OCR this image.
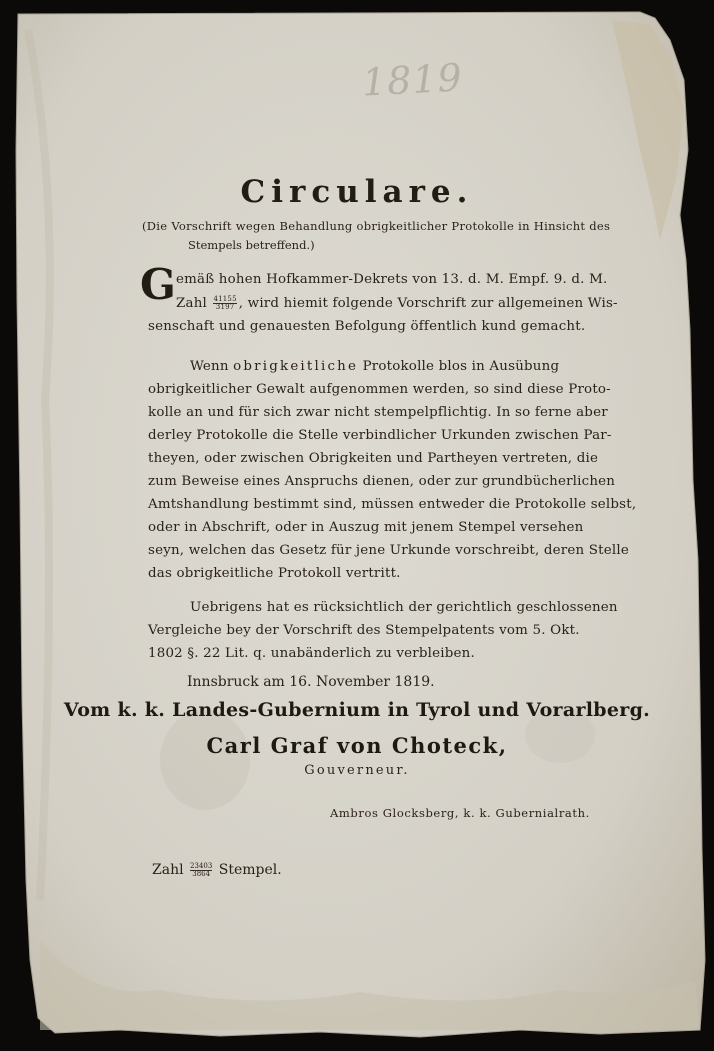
1819
Circulare.
(Die Vorschrift wegen Behandlung obrigkeitlicher Protokolle in Hinsicht des
Stempels betreffend.)
G emäß hohen Hofkammer-Dekrets von 13. d. M. Empf. 9. d. M.
Zahl $\frac{41155}{3197}$ , wird hiemit folgende Vorschrift zur allgemeinen Wis-
senschaft und genauesten Befolgung öffentlich kund gemacht.
Wenn obrigkeitliche Protokolle blos in Ausübung
obrigkeitlicher Gewalt aufgenommen werden, so sind diese Proto-
kolle an und für sich zwar nicht stempelpflichtig. In so ferne aber
derley Protokolle die Stelle verbindlicher Urkunden zwischen Par-
theyen, oder zwischen Obrigkeiten und Partheyen vertreten, die
zum Beweise eines Anspruchs dienen, oder zur grundbücherlichen
Amtshandlung bestimmt sind, müssen entweder die Protokolle selbst,
oder in Abschrift, oder in Auszug mit jenem Stempel versehen
seyn, welchen das Gesetz für jene Urkunde vorschreibt, deren Stelle
das obrigkeitliche Protokoll vertritt.
Uebrigens hat es rücksichtlich der gerichtlich geschlossenen
Vergleiche bey der Vorschrift des Stempelpatents vom 5. Okt.
1802 §. 22 Lit. q. unabänderlich zu verbleiben.
Innsbruck am 16. November 1819.
Vom k. k. Landes-Gubernium in Tyrol und Vorarlberg.
Carl Graf von Choteck,
Gouverneur.
Ambros Glocksberg, k. k. Gubernialrath.
Zahl $\frac{23403}{3864}$ Stempel.
